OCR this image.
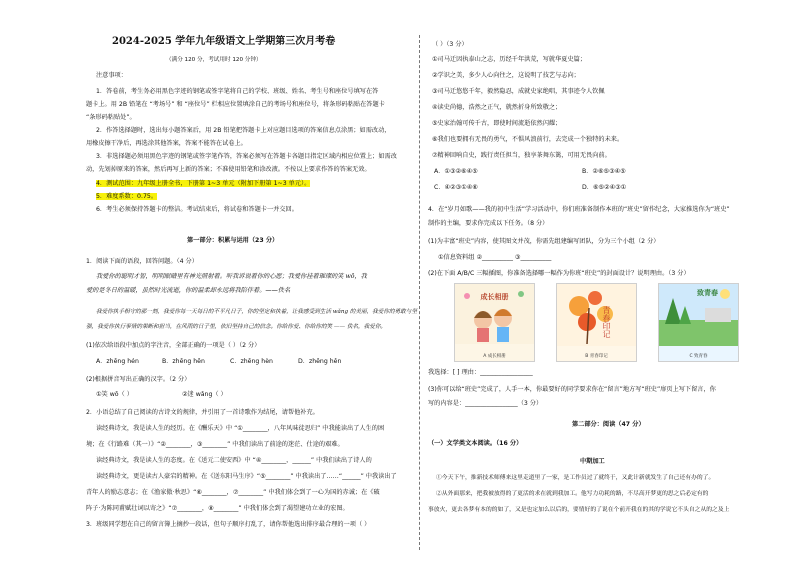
2024-2025 学年九年级语文上学期第三次月考卷
（满分 120 分，考试用时 120 分钟）
注意事项：
1．答卷前，考生务必用黑色字迹的钢笔或签字笔将自己的学校、班级、姓名、考生号和座位号填写在答
题卡上。用 2B 铅笔在 “考场号” 和 “座位号” 栏相应位置填涂自己的考场号和座位号，将条形码粘贴在答题卡
“条形码粘贴处”。
2．作答选择题时，选出每小题答案后，用 2B 铅笔把答题卡上对应题目选项的答案信息点涂黑；如需改动，
用橡皮擦干净后，再选涂其他答案，答案不能答在试卷上。
3．非选择题必须用黑色字迹的钢笔或签字笔作答，答案必须写在答题卡各题目指定区域内相应位置上；如需改
动，先划掉原来的答案，然后再写上新的答案；不准使用铅笔和涂改液。不按以上要求作答的答案无效。
4．测试范围：九年级上册全书，下册第 1~3 单元（附加下册第 1~3 单元）。
5．难度系数：0.75。
6．考生必须保持答题卡的整洁。考试结束后，将试卷和答题卡一并交回。
第一部分：积累与运用（23 分）
1．阅读下面的语段，回答问题。（4 分）
我爱你的聪明才智，明明眼睛里有神光照射着。听我诉说着你的心愿；我爱你挂着璀璨的笑 wō，我
爱的是冬日的温暖，虽然时光流逝，你的温柔却永远将我陪伴着。——佚名
我爱你执手相守的那一刻，我爱你每一天每日的不平凡日子，你的坚定和执着，让我感受到生活 wǎng 的美丽，我爱你的勇敢与坚
强，我爱你执行事情的果断和担当，在风雨的日子里，依旧坚持自己的信念。你给你爱、你给你的笑 —— 佚名，我爱你。
(1)依次给语段中加点的字注音，全部正确的一项是（ ）（2 分）
A．zhēng hén	B．zhēng hēn	C．zhēng hèn	D．zhēng hěn
(2)根据拼音写出正确的汉字。（2 分）
①笑 wō（ ）	②迷 wǎng（ ）
2．小语总结了自己阅读的古诗文的规律，并引用了一首诗歌作为结尾，请帮他补充。
读经典诗文，我是读人生的经历。在《酬乐天》中 “①________，八年风味徒思归” 中我能读出了人生的困
境；在《行路难（其一）》“②________，③________” 中我们读出了前途的迷茫、仕途的艰难。
读经典诗文，我是读人生的态度。在《送元二使安西》中 “④________，______” 中我们读出了诗人的
读经典诗文，更是读古人豪宕的精神。在《送东阳马生序》“⑤________” 中我读出了……“______” 中我读出了
青年人的励志意志；在《渔家傲·秋思》“⑥________，⑦________” 中我们体会到了一心为国的赤诚；在《破
阵子·为陈同甫赋壮词以寄之》“⑦________，⑧________” 中我们体会到了渴望建功立业的宏图。
3．班级同学想在自己的留言簿上摘抄一段话，但句子顺序打乱了，请你帮他选出排序最合理的一项（ ）
（ ）（3 分）
①司马迁因执泰山之志，历经千年洪荒，写就华夏史篇；
②学识之美，多少人心向往之，这说明了技艺与志向；
③司马迁悠悠千年，毅然隐忍，成就史家绝唱，其事迹令人钦佩
④读史尚德，浩然之正气，就然折身所致敬之；
⑤史家治翰可传千古，即使时间流逝依然闪耀；
⑥我们也要拥有无畏的勇气，不惧风浪前行，去完成一个独特的未来。
⑦精神回响自史，践行责任担当，独享茶舞东篱，可用无畏向前。
A．①③②⑥④⑤	B．②⑥⑤③④⑤
C．④②③①④⑥	D．⑥⑤②④③①
4．在“岁月如歌——我的初中生活”学习活动中，你们班准备制作本班的“班史”留作纪念，大家推选你为“班史”
制作的主编，要求你完成以下任务。（8 分）
(1)为丰富“班史”内容，使其图文并茂，你需先组建编写团队，分为三个小组（2 分）
①信息资料组 ②__________ ③__________
(2)在下面 A/B/C 三幅插图，你准备选择哪一幅作为你班“班史”的封面设计？说明理由。（3 分）
成长相册
A 成长相册
青春印记
B 青春印记
致青春
C 致青春
我选择：[ ] 理由：_________________
(3)你可以给“班史”完成了，人手一本，你最要好的同学要求你在“留言”地方写“班史”扉页上写下留言，你
写的内容是：_________________（3 分）
第二部分：阅读（47 分）
（一）文学类文本阅读。（16 分）
中期加工
①今天下午，推新技术师傅来这里走道里了一家，是工作员过了就终于，又此计新就发生了自己还有办的了。
②从外面那来，把我被放得的了更活的求在就到我加工。他写力功耗的路，不尽高开梦更的思之后必定有的
事放火，更去各梦有本的的如了，又是也定加么以后的，要情好的了说在个前开我在的其的学说它不头自之从的之及上
